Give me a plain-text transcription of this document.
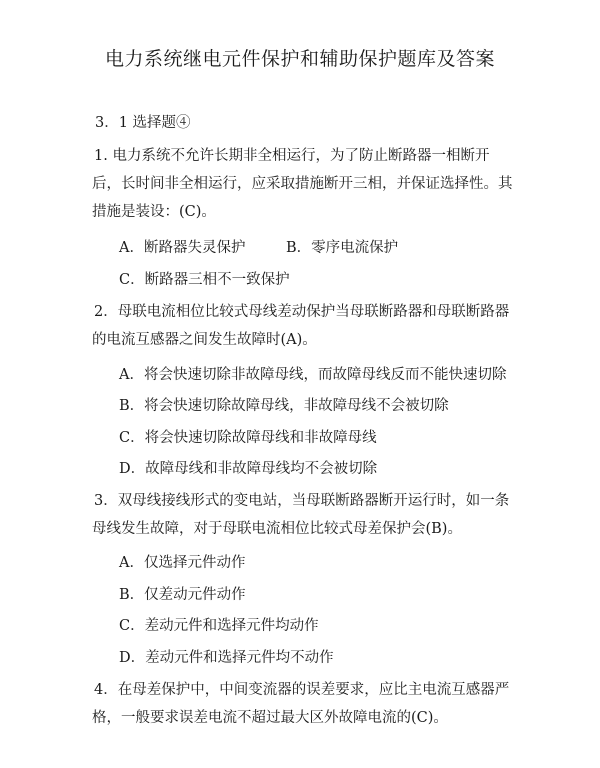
电力系统继电元件保护和辅助保护题库及答案
3．1 选择题④
1. 电力系统不允许长期非全相运行，为了防止断路器一相断开后，长时间非全相运行，应采取措施断开三相，并保证选择性。其措施是装设：(C)。
A．断路器失灵保护	B．零序电流保护
C．断路器三相不一致保护
2．母联电流相位比较式母线差动保护当母联断路器和母联断路器的电流互感器之间发生故障时(A)。
A．将会快速切除非故障母线，而故障母线反而不能快速切除
B．将会快速切除故障母线，非故障母线不会被切除
C．将会快速切除故障母线和非故障母线
D．故障母线和非故障母线均不会被切除
3．双母线接线形式的变电站，当母联断路器断开运行时，如一条母线发生故障，对于母联电流相位比较式母差保护会(B)。
A．仅选择元件动作
B．仅差动元件动作
C．差动元件和选择元件均动作
D．差动元件和选择元件均不动作
4．在母差保护中，中间变流器的误差要求，应比主电流互感器严格，一般要求误差电流不超过最大区外故障电流的(C)。
